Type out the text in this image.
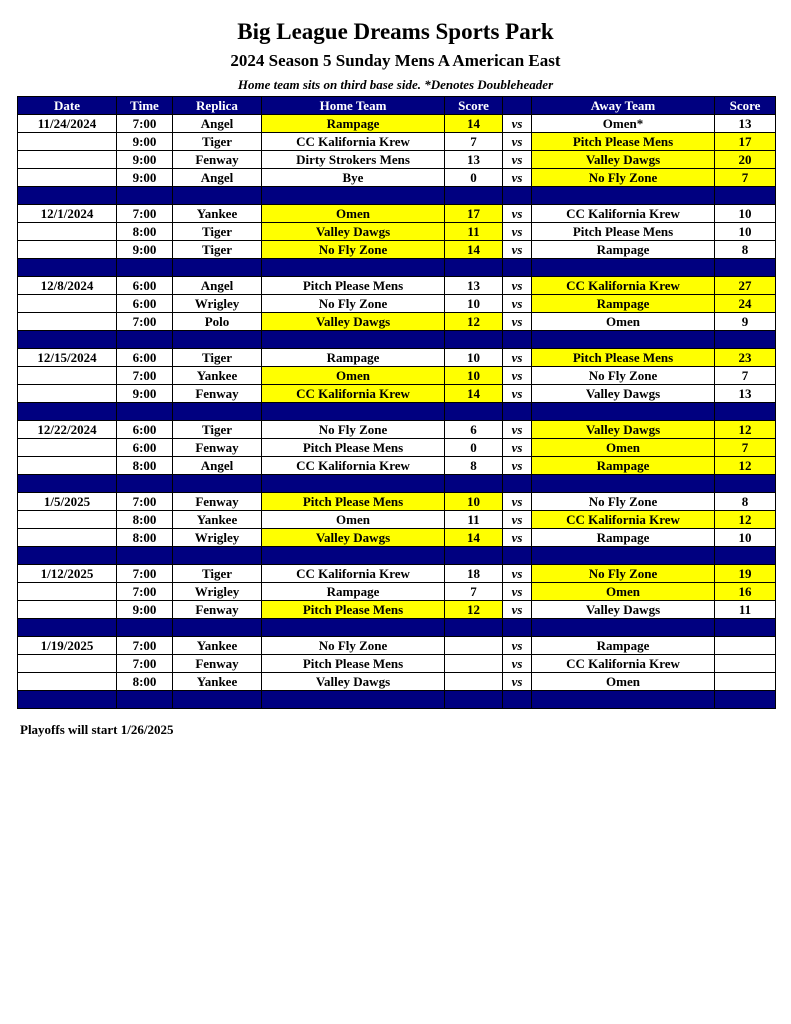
Big League Dreams Sports Park
2024 Season 5 Sunday Mens A American East
Home team sits on third base side. *Denotes Doubleheader
Date	Time	Replica	Home Team	Score		Away Team	Score
11/24/2024	7:00	Angel	Rampage	14	vs	Omen*	13
	9:00	Tiger	CC Kalifornia Krew	7	vs	Pitch Please Mens	17
	9:00	Fenway	Dirty Strokers Mens	13	vs	Valley Dawgs	20
	9:00	Angel	Bye	0	vs	No Fly Zone	7

12/1/2024	7:00	Yankee	Omen	17	vs	CC Kalifornia Krew	10
	8:00	Tiger	Valley Dawgs	11	vs	Pitch Please Mens	10
	9:00	Tiger	No Fly Zone	14	vs	Rampage	8

12/8/2024	6:00	Angel	Pitch Please Mens	13	vs	CC Kalifornia Krew	27
	6:00	Wrigley	No Fly Zone	10	vs	Rampage	24
	7:00	Polo	Valley Dawgs	12	vs	Omen	9

12/15/2024	6:00	Tiger	Rampage	10	vs	Pitch Please Mens	23
	7:00	Yankee	Omen	10	vs	No Fly Zone	7
	9:00	Fenway	CC Kalifornia Krew	14	vs	Valley Dawgs	13

12/22/2024	6:00	Tiger	No Fly Zone	6	vs	Valley Dawgs	12
	6:00	Fenway	Pitch Please Mens	0	vs	Omen	7
	8:00	Angel	CC Kalifornia Krew	8	vs	Rampage	12

1/5/2025	7:00	Fenway	Pitch Please Mens	10	vs	No Fly Zone	8
	8:00	Yankee	Omen	11	vs	CC Kalifornia Krew	12
	8:00	Wrigley	Valley Dawgs	14	vs	Rampage	10

1/12/2025	7:00	Tiger	CC Kalifornia Krew	18	vs	No Fly Zone	19
	7:00	Wrigley	Rampage	7	vs	Omen	16
	9:00	Fenway	Pitch Please Mens	12	vs	Valley Dawgs	11

1/19/2025	7:00	Yankee	No Fly Zone		vs	Rampage	
	7:00	Fenway	Pitch Please Mens		vs	CC Kalifornia Krew	
	8:00	Yankee	Valley Dawgs		vs	Omen	

Playoffs will start 1/26/2025
